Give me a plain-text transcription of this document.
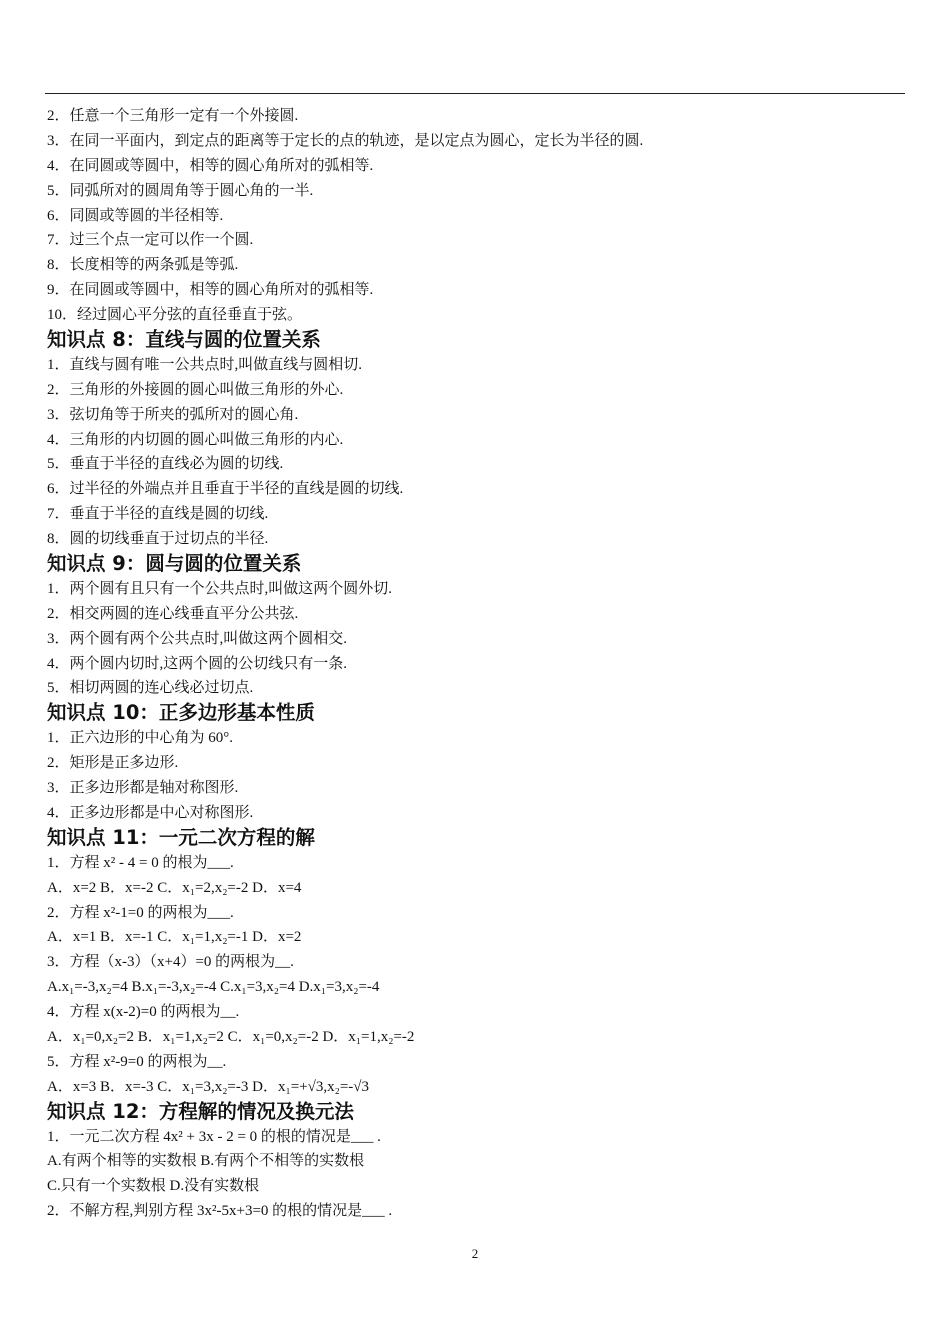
2．任意一个三角形一定有一个外接圆.
3．在同一平面内，到定点的距离等于定长的点的轨迹，是以定点为圆心，定长为半径的圆.
4．在同圆或等圆中，相等的圆心角所对的弧相等.
5．同弧所对的圆周角等于圆心角的一半.
6．同圆或等圆的半径相等.
7．过三个点一定可以作一个圆.
8．长度相等的两条弧是等弧.
9．在同圆或等圆中，相等的圆心角所对的弧相等.
10．经过圆心平分弦的直径垂直于弦。
知识点 8：直线与圆的位置关系
1．直线与圆有唯一公共点时,叫做直线与圆相切.
2．三角形的外接圆的圆心叫做三角形的外心.
3．弦切角等于所夹的弧所对的圆心角.
4．三角形的内切圆的圆心叫做三角形的内心.
5．垂直于半径的直线必为圆的切线.
6．过半径的外端点并且垂直于半径的直线是圆的切线.
7．垂直于半径的直线是圆的切线.
8．圆的切线垂直于过切点的半径.
知识点 9：圆与圆的位置关系
1．两个圆有且只有一个公共点时,叫做这两个圆外切.
2．相交两圆的连心线垂直平分公共弦.
3．两个圆有两个公共点时,叫做这两个圆相交.
4．两个圆内切时,这两个圆的公切线只有一条.
5．相切两圆的连心线必过切点.
知识点 10：正多边形基本性质
1．正六边形的中心角为 60°.
2．矩形是正多边形.
3．正多边形都是轴对称图形.
4．正多边形都是中心对称图形.
知识点 11：一元二次方程的解
1．方程 x² - 4 = 0 的根为___.
A．x=2 B．x=-2 C．x₁=2,x₂=-2 D．x=4
2．方程 x²-1=0 的两根为___.
A．x=1 B．x=-1 C．x₁=1,x₂=-1 D．x=2
3．方程（x-3）（x+4）=0 的两根为__.
A.x₁=-3,x₂=4 B.x₁=-3,x₂=-4 C.x₁=3,x₂=4 D.x₁=3,x₂=-4
4．方程 x(x-2)=0 的两根为__.
A．x₁=0,x₂=2 B．x₁=1,x₂=2 C．x₁=0,x₂=-2 D．x₁=1,x₂=-2
5．方程 x²-9=0 的两根为__.
A．x=3 B．x=-3 C．x₁=3,x₂=-3 D．x₁=+√3,x₂=-√3
知识点 12：方程解的情况及换元法
1．一元二次方程 4x² + 3x - 2 = 0 的根的情况是___ .
A.有两个相等的实数根 B.有两个不相等的实数根
C.只有一个实数根 D.没有实数根
2．不解方程,判别方程 3x²-5x+3=0 的根的情况是___ .
2
